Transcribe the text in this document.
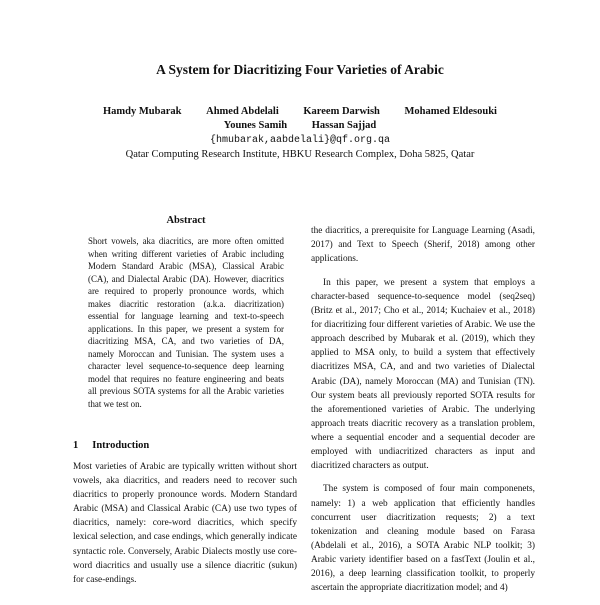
A System for Diacritizing Four Varieties of Arabic
Hamdy Mubarak Ahmed Abdelali Kareem Darwish Mohamed Eldesouki
Younes Samih Hassan Sajjad
{hmubarak,aabdelali}@qf.org.qa
Qatar Computing Research Institute, HBKU Research Complex, Doha 5825, Qatar
Abstract
Short vowels, aka diacritics, are more often omitted when writing different varieties of Arabic including Modern Standard Arabic (MSA), Classical Arabic (CA), and Dialectal Arabic (DA). However, diacritics are required to properly pronounce words, which makes diacritic restoration (a.k.a. diacritization) essential for language learning and text-to-speech applications. In this paper, we present a system for diacritizing MSA, CA, and two varieties of DA, namely Moroccan and Tunisian. The system uses a character level sequence-to-sequence deep learning model that requires no feature engineering and beats all previous SOTA systems for all the Arabic varieties that we test on.
1 Introduction
Most varieties of Arabic are typically written without short vowels, aka diacritics, and readers need to recover such diacritics to properly pronounce words. Modern Standard Arabic (MSA) and Classical Arabic (CA) use two types of diacritics, namely: core-word diacritics, which specify lexical selection, and case endings, which generally indicate syntactic role. Conversely, Arabic Dialects mostly use core-word diacritics and usually use a silence diacritic (sukun) for case-endings.

the diacritics, a prerequisite for Language Learning (Asadi, 2017) and Text to Speech (Sherif, 2018) among other applications.

In this paper, we present a system that employs a character-based sequence-to-sequence model (seq2seq) (Britz et al., 2017; Cho et al., 2014; Kuchaiev et al., 2018) for diacritizing four different varieties of Arabic. We use the approach described by Mubarak et al. (2019), which they applied to MSA only, to build a system that effectively diacritizes MSA, CA, and and two varieties of Dialectal Arabic (DA), namely Moroccan (MA) and Tunisian (TN). Our system beats all previously reported SOTA results for the aforementioned varieties of Arabic. The underlying approach treats diacritic recovery as a translation problem, where a sequential encoder and a sequential decoder are employed with undiacritized characters as input and diacritized characters as output.

The system is composed of four main componenets, namely: 1) a web application that efficiently handles concurrent user diacritization requests; 2) a text tokenization and cleaning module based on Farasa (Abdelali et al., 2016), a SOTA Arabic NLP toolkit; 3) Arabic variety identifier based on a fastText (Joulin et al., 2016), a deep learning classification toolkit, to properly ascertain the appropriate diacritization model; and 4)
